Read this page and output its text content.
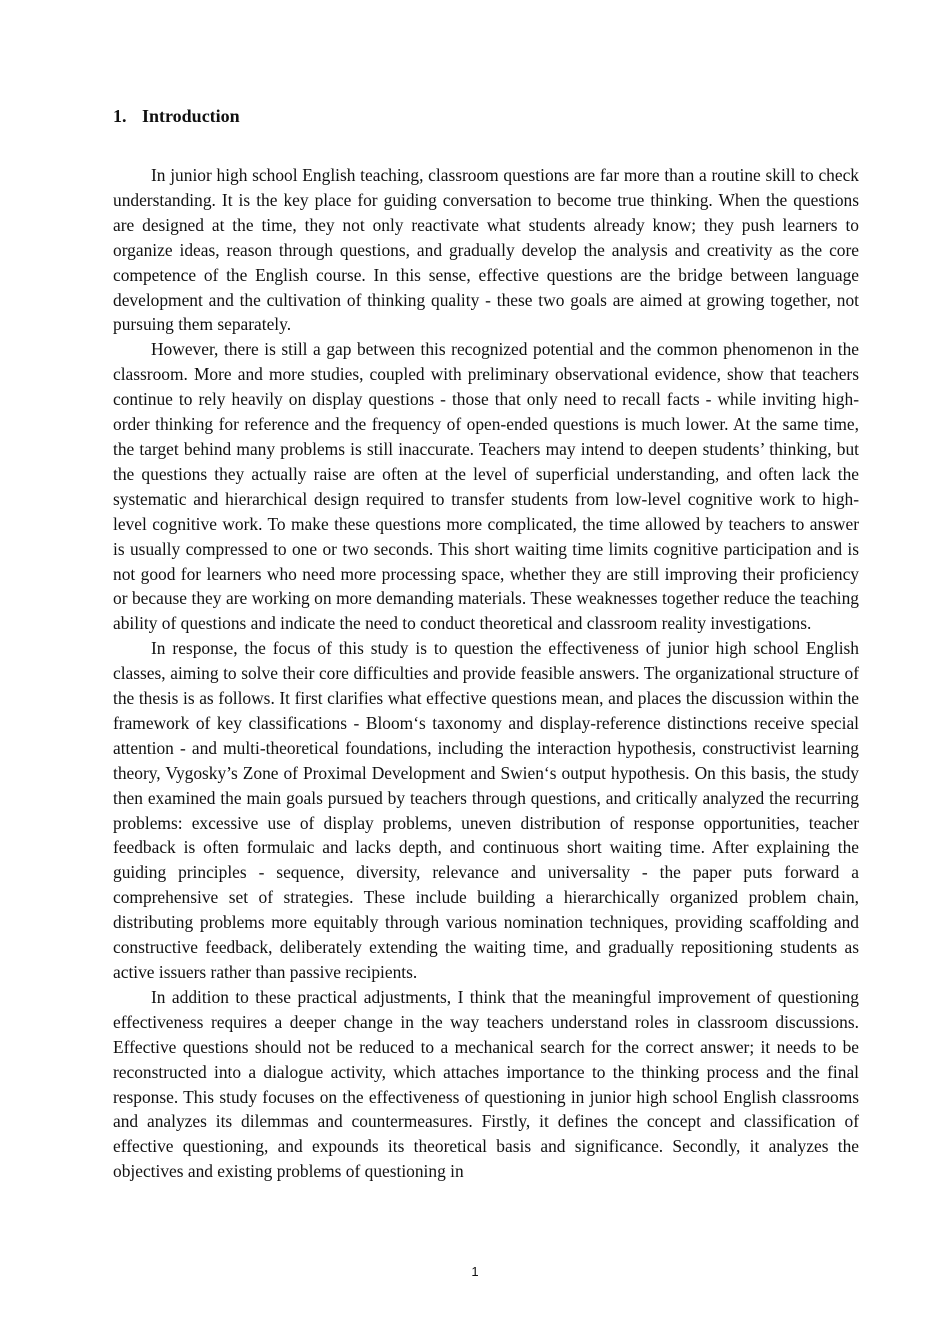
1. Introduction

In junior high school English teaching, classroom questions are far more than a routine skill to check understanding. It is the key place for guiding conversation to become true thinking. When the questions are designed at the time, they not only reactivate what students already know; they push learners to organize ideas, reason through questions, and gradually develop the analysis and creativity as the core competence of the English course. In this sense, effective questions are the bridge between language development and the cultivation of thinking quality - these two goals are aimed at growing together, not pursuing them separately.

However, there is still a gap between this recognized potential and the common phenomenon in the classroom. More and more studies, coupled with preliminary observational evidence, show that teachers continue to rely heavily on display questions - those that only need to recall facts - while inviting high-order thinking for reference and the frequency of open-ended questions is much lower. At the same time, the target behind many problems is still inaccurate. Teachers may intend to deepen students’ thinking, but the questions they actually raise are often at the level of superficial understanding, and often lack the systematic and hierarchical design required to transfer students from low-level cognitive work to high-level cognitive work. To make these questions more complicated, the time allowed by teachers to answer is usually compressed to one or two seconds. This short waiting time limits cognitive participation and is not good for learners who need more processing space, whether they are still improving their proficiency or because they are working on more demanding materials. These weaknesses together reduce the teaching ability of questions and indicate the need to conduct theoretical and classroom reality investigations.

In response, the focus of this study is to question the effectiveness of junior high school English classes, aiming to solve their core difficulties and provide feasible answers. The organizational structure of the thesis is as follows. It first clarifies what effective questions mean, and places the discussion within the framework of key classifications - Bloom‘s taxonomy and display-reference distinctions receive special attention - and multi-theoretical foundations, including the interaction hypothesis, constructivist learning theory, Vygosky’s Zone of Proximal Development and Swien‘s output hypothesis. On this basis, the study then examined the main goals pursued by teachers through questions, and critically analyzed the recurring problems: excessive use of display problems, uneven distribution of response opportunities, teacher feedback is often formulaic and lacks depth, and continuous short waiting time. After explaining the guiding principles - sequence, diversity, relevance and universality - the paper puts forward a comprehensive set of strategies. These include building a hierarchically organized problem chain, distributing problems more equitably through various nomination techniques, providing scaffolding and constructive feedback, deliberately extending the waiting time, and gradually repositioning students as active issuers rather than passive recipients.

In addition to these practical adjustments, I think that the meaningful improvement of questioning effectiveness requires a deeper change in the way teachers understand roles in classroom discussions. Effective questions should not be reduced to a mechanical search for the correct answer; it needs to be reconstructed into a dialogue activity, which attaches importance to the thinking process and the final response. This study focuses on the effectiveness of questioning in junior high school English classrooms and analyzes its dilemmas and countermeasures. Firstly, it defines the concept and classification of effective questioning, and expounds its theoretical basis and significance. Secondly, it analyzes the objectives and existing problems of questioning in

1
